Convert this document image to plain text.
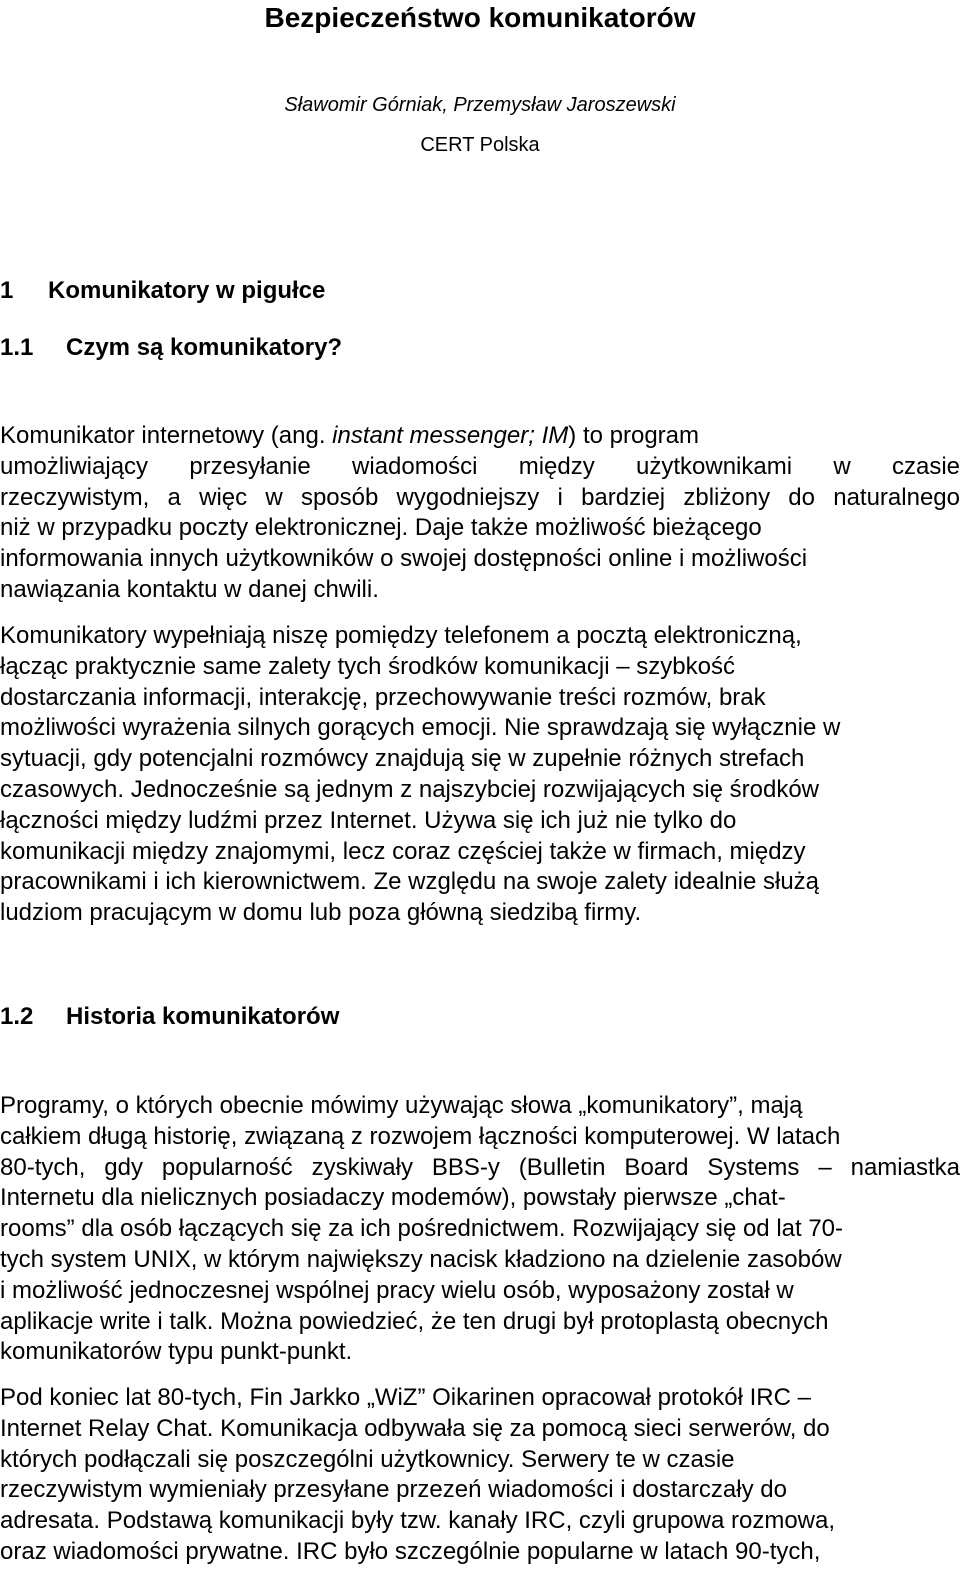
Bezpieczeństwo komunikatorów

Sławomir Górniak, Przemysław Jaroszewski

CERT Polska

1 Komunikatory w pigułce
1.1 Czym są komunikatory?
Komunikator internetowy (ang. instant messenger; IM) to program
umożliwiający przesyłanie wiadomości między użytkownikami w czasie
rzeczywistym, a więc w sposób wygodniejszy i bardziej zbliżony do naturalnego
niż w przypadku poczty elektronicznej. Daje także możliwość bieżącego
informowania innych użytkowników o swojej dostępności online i możliwości
nawiązania kontaktu w danej chwili.
Komunikatory wypełniają niszę pomiędzy telefonem a pocztą elektroniczną,
łącząc praktycznie same zalety tych środków komunikacji – szybkość
dostarczania informacji, interakcję, przechowywanie treści rozmów, brak
możliwości wyrażenia silnych gorących emocji. Nie sprawdzają się wyłącznie w
sytuacji, gdy potencjalni rozmówcy znajdują się w zupełnie różnych strefach
czasowych. Jednocześnie są jednym z najszybciej rozwijających się środków
łączności między ludźmi przez Internet. Używa się ich już nie tylko do
komunikacji między znajomymi, lecz coraz częściej także w firmach, między
pracownikami i ich kierownictwem. Ze względu na swoje zalety idealnie służą
ludziom pracującym w domu lub poza główną siedzibą firmy.
1.2 Historia komunikatorów
Programy, o których obecnie mówimy używając słowa „komunikatory”, mają
całkiem długą historię, związaną z rozwojem łączności komputerowej. W latach
80-tych, gdy popularność zyskiwały BBS-y (Bulletin Board Systems – namiastka
Internetu dla nielicznych posiadaczy modemów), powstały pierwsze „chat-
rooms” dla osób łączących się za ich pośrednictwem. Rozwijający się od lat 70-
tych system UNIX, w którym największy nacisk kładziono na dzielenie zasobów
i możliwość jednoczesnej wspólnej pracy wielu osób, wyposażony został w
aplikacje write i talk. Można powiedzieć, że ten drugi był protoplastą obecnych
komunikatorów typu punkt-punkt.
Pod koniec lat 80-tych, Fin Jarkko „WiZ” Oikarinen opracował protokół IRC –
Internet Relay Chat. Komunikacja odbywała się za pomocą sieci serwerów, do
których podłączali się poszczególni użytkownicy. Serwery te w czasie
rzeczywistym wymieniały przesyłane przezeń wiadomości i dostarczały do
adresata. Podstawą komunikacji były tzw. kanały IRC, czyli grupowa rozmowa,
oraz wiadomości prywatne. IRC było szczególnie popularne w latach 90-tych,
